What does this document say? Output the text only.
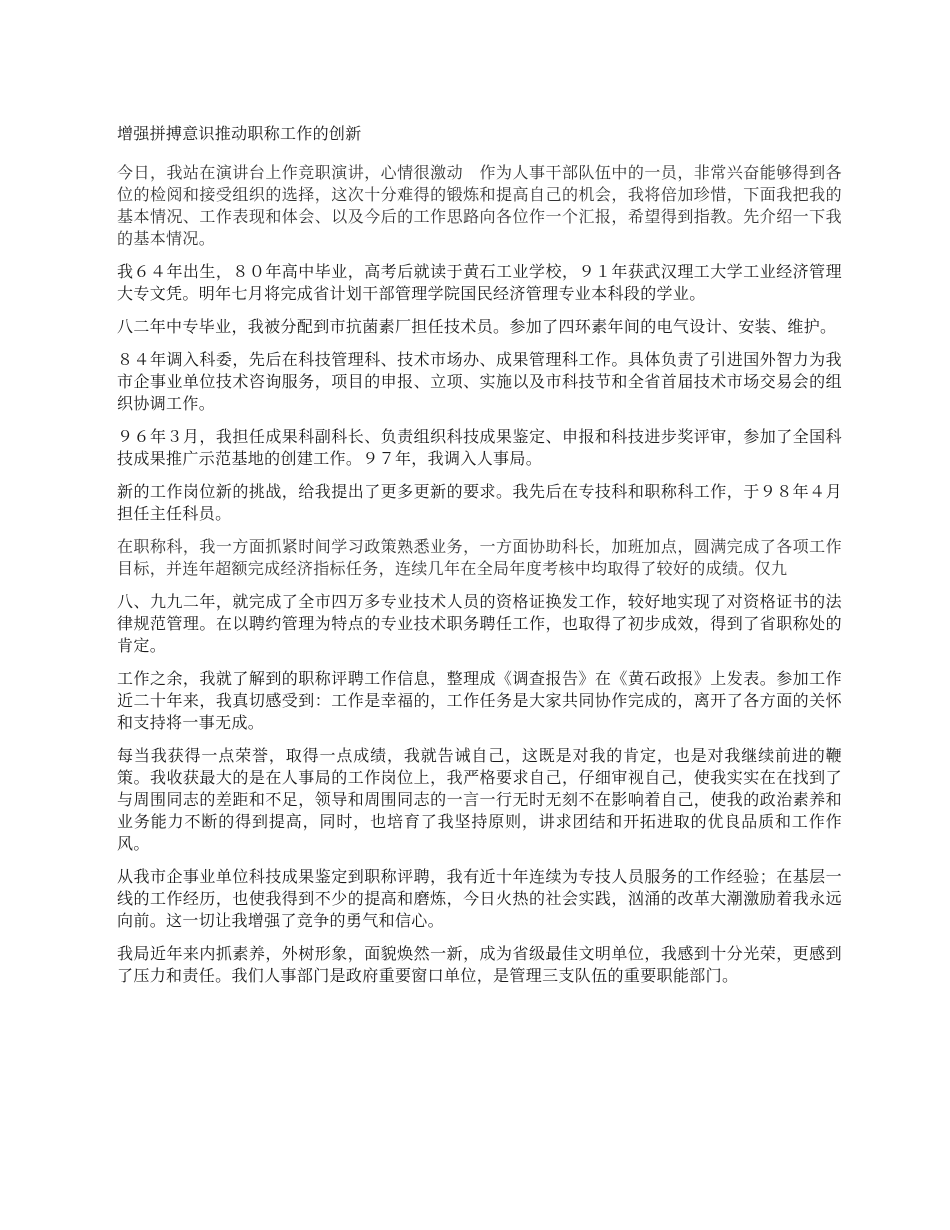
增强拼搏意识推动职称工作的创新

今日，我站在演讲台上作竞职演讲，心情很激动　作为人事干部队伍中的一员，非常兴奋能够得到各位的检阅和接受组织的选择，这次十分难得的锻炼和提高自己的机会，我将倍加珍惜，下面我把我的基本情况、工作表现和体会、以及今后的工作思路向各位作一个汇报，希望得到指教。先介绍一下我的基本情况。

我６４年出生，８０年高中毕业，高考后就读于黄石工业学校，９１年获武汉理工大学工业经济管理大专文凭。明年七月将完成省计划干部管理学院国民经济管理专业本科段的学业。

八二年中专毕业，我被分配到市抗菌素厂担任技术员。参加了四环素年间的电气设计、安装、维护。

８４年调入科委，先后在科技管理科、技术市场办、成果管理科工作。具体负责了引进国外智力为我市企事业单位技术咨询服务，项目的申报、立项、实施以及市科技节和全省首届技术市场交易会的组织协调工作。

９６年３月，我担任成果科副科长、负责组织科技成果鉴定、申报和科技进步奖评审，参加了全国科技成果推广示范基地的创建工作。９７年，我调入人事局。

新的工作岗位新的挑战，给我提出了更多更新的要求。我先后在专技科和职称科工作，于９８年４月担任主任科员。

在职称科，我一方面抓紧时间学习政策熟悉业务，一方面协助科长，加班加点，圆满完成了各项工作目标，并连年超额完成经济指标任务，连续几年在全局年度考核中均取得了较好的成绩。仅九

八、九九二年，就完成了全市四万多专业技术人员的资格证换发工作，较好地实现了对资格证书的法律规范管理。在以聘约管理为特点的专业技术职务聘任工作，也取得了初步成效，得到了省职称处的肯定。

工作之余，我就了解到的职称评聘工作信息，整理成《调查报告》在《黄石政报》上发表。参加工作近二十年来，我真切感受到：工作是幸福的，工作任务是大家共同协作完成的，离开了各方面的关怀和支持将一事无成。

每当我获得一点荣誉，取得一点成绩，我就告诫自己，这既是对我的肯定，也是对我继续前进的鞭策。我收获最大的是在人事局的工作岗位上，我严格要求自己，仔细审视自己，使我实实在在找到了与周围同志的差距和不足，领导和周围同志的一言一行无时无刻不在影响着自己，使我的政治素养和业务能力不断的得到提高，同时，也培育了我坚持原则，讲求团结和开拓进取的优良品质和工作作风。

从我市企事业单位科技成果鉴定到职称评聘，我有近十年连续为专技人员服务的工作经验；在基层一线的工作经历，也使我得到不少的提高和磨炼，今日火热的社会实践，汹涌的改革大潮激励着我永远向前。这一切让我增强了竞争的勇气和信心。

我局近年来内抓素养，外树形象，面貌焕然一新，成为省级最佳文明单位，我感到十分光荣，更感到了压力和责任。我们人事部门是政府重要窗口单位，是管理三支队伍的重要职能部门。
